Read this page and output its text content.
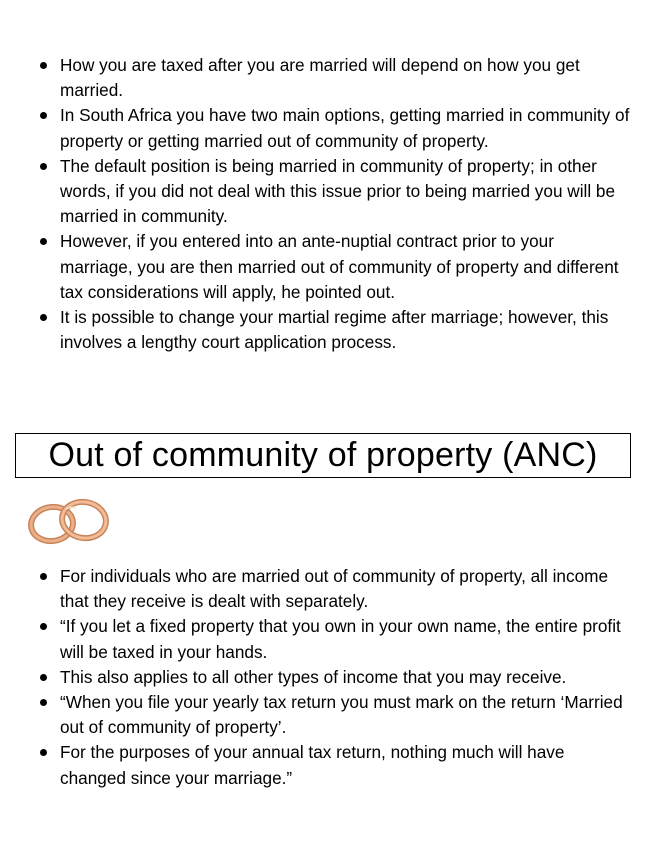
How you are taxed after you are married will depend on how you get married.
In South Africa you have two main options, getting married in community of property or getting married out of community of property.
The default position is being married in community of property; in other words, if you did not deal with this issue prior to being married you will be married in community.
However, if you entered into an ante-nuptial contract prior to your marriage, you are then married out of community of property and different tax considerations will apply, he pointed out.
It is possible to change your martial regime after marriage; however, this involves a lengthy court application process.
Out of community of property (ANC)
For individuals who are married out of community of property, all income that they receive is dealt with separately.
“If you let a fixed property that you own in your own name, the entire profit will be taxed in your hands.
This also applies to all other types of income that you may receive.
“When you file your yearly tax return you must mark on the return ‘Married out of community of property’.
For the purposes of your annual tax return, nothing much will have changed since your marriage.”
